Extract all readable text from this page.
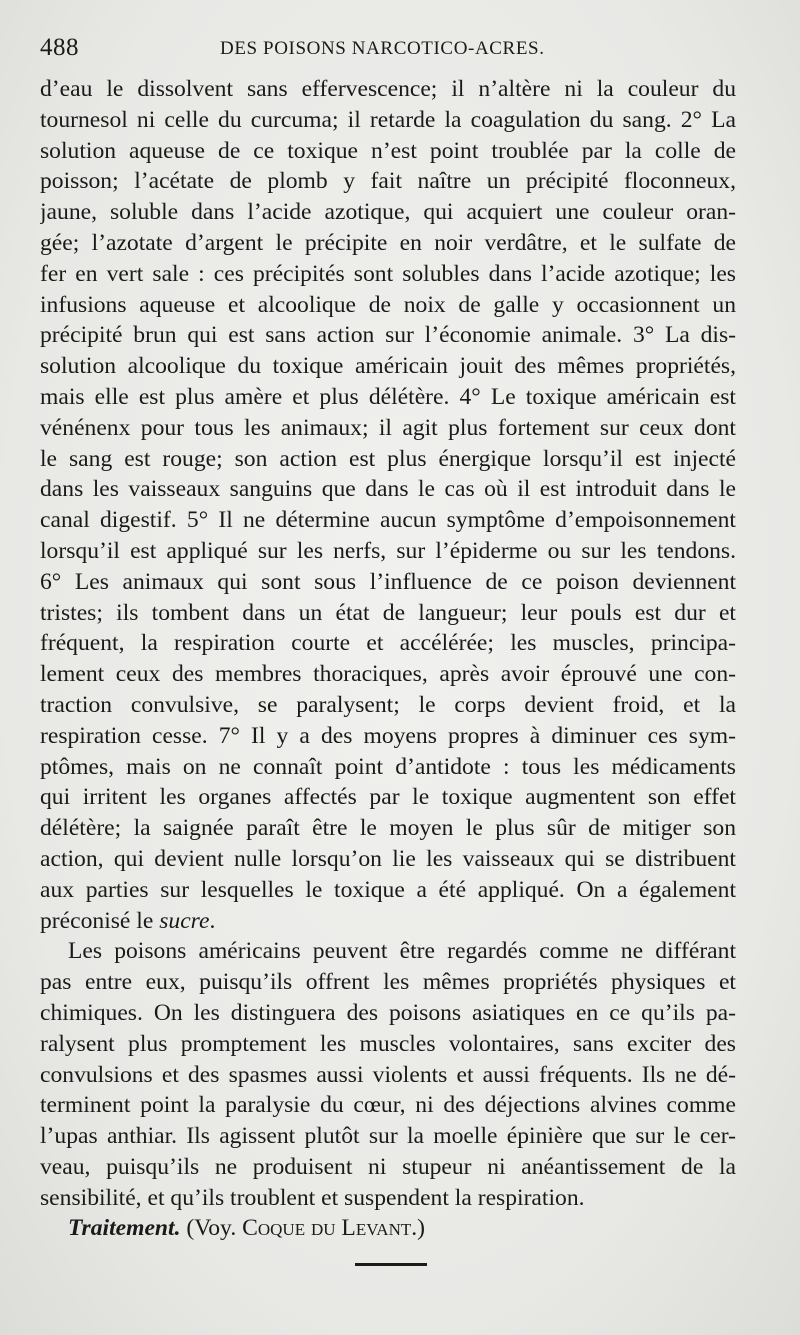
488	DES POISONS NARCOTICO-ACRES.
d’eau le dissolvent sans effervescence; il n’altère ni la couleur du
tournesol ni celle du curcuma; il retarde la coagulation du sang. 2° La
solution aqueuse de ce toxique n’est point troublée par la colle de
poisson; l’acétate de plomb y fait naître un précipité floconneux,
jaune, soluble dans l’acide azotique, qui acquiert une couleur oran-
gée; l’azotate d’argent le précipite en noir verdâtre, et le sulfate de
fer en vert sale : ces précipités sont solubles dans l’acide azotique; les
infusions aqueuse et alcoolique de noix de galle y occasionnent un
précipité brun qui est sans action sur l’économie animale. 3° La dis-
solution alcoolique du toxique américain jouit des mêmes propriétés,
mais elle est plus amère et plus délétère. 4° Le toxique américain est
vénénenx pour tous les animaux; il agit plus fortement sur ceux dont
le sang est rouge; son action est plus énergique lorsqu’il est injecté
dans les vaisseaux sanguins que dans le cas où il est introduit dans le
canal digestif. 5° Il ne détermine aucun symptôme d’empoisonnement
lorsqu’il est appliqué sur les nerfs, sur l’épiderme ou sur les tendons.
6° Les animaux qui sont sous l’influence de ce poison deviennent
tristes; ils tombent dans un état de langueur; leur pouls est dur et
fréquent, la respiration courte et accélérée; les muscles, principa-
lement ceux des membres thoraciques, après avoir éprouvé une con-
traction convulsive, se paralysent; le corps devient froid, et la
respiration cesse. 7° Il y a des moyens propres à diminuer ces sym-
ptômes, mais on ne connaît point d’antidote : tous les médicaments
qui irritent les organes affectés par le toxique augmentent son effet
délétère; la saignée paraît être le moyen le plus sûr de mitiger son
action, qui devient nulle lorsqu’on lie les vaisseaux qui se distribuent
aux parties sur lesquelles le toxique a été appliqué. On a également
préconisé le sucre.
Les poisons américains peuvent être regardés comme ne différant
pas entre eux, puisqu’ils offrent les mêmes propriétés physiques et
chimiques. On les distinguera des poisons asiatiques en ce qu’ils pa-
ralysent plus promptement les muscles volontaires, sans exciter des
convulsions et des spasmes aussi violents et aussi fréquents. Ils ne dé-
terminent point la paralysie du cœur, ni des déjections alvines comme
l’upas anthiar. Ils agissent plutôt sur la moelle épinière que sur le cer-
veau, puisqu’ils ne produisent ni stupeur ni anéantissement de la
sensibilité, et qu’ils troublent et suspendent la respiration.
Traitement. (Voy. Coque du Levant.)
